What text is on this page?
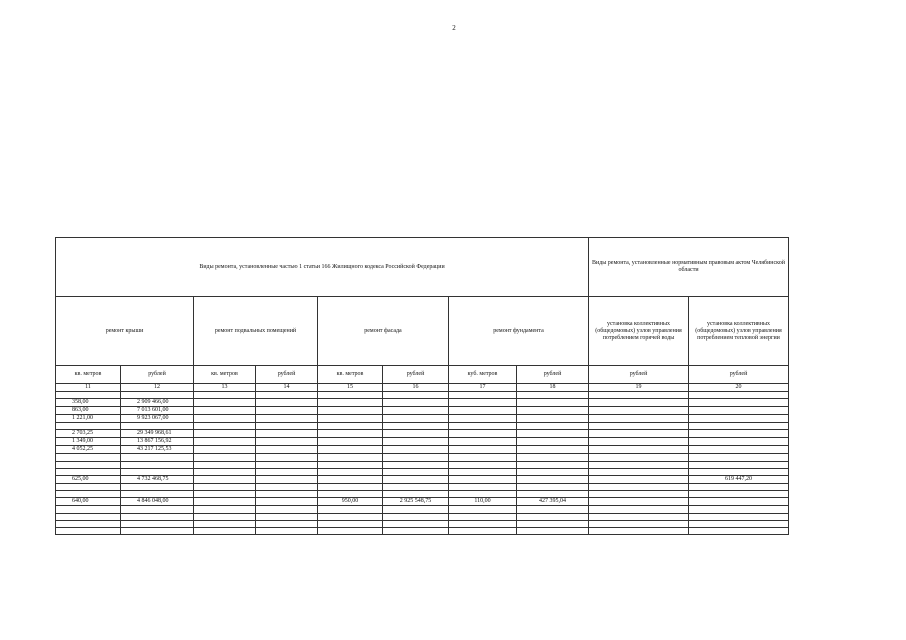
2
Виды ремонта, установленные частью 1 статьи 166 Жилищного кодекса Российской Федерации								Виды ремонта, установленные нормативным правовым актом Челябинской области	
ремонт крыши		ремонт подвальных помещений		ремонт фасада		ремонт фундамента		установка коллективных (общедомовых) узлов управления потреблением горячей воды	установка коллективных (общедомовых) узлов управления потреблением тепловой энергии
кв. метров	рублей	кв. метров	рублей	кв. метров	рублей	куб. метров	рублей	рублей	рублей
11	12	13	14	15	16	17	18	19	20

358,00	2 909 466,00								
863,00	7 013 601,00								
1 221,00	9 923 067,00								

2 703,25	29 349 968,61								
1 349,00	13 867 156,92								
4 052,25	43 217 125,53								

625,00	4 732 468,75								619 447,20

640,00	4 846 048,00			950,00	2 925 548,75	110,00	427 395,04		
